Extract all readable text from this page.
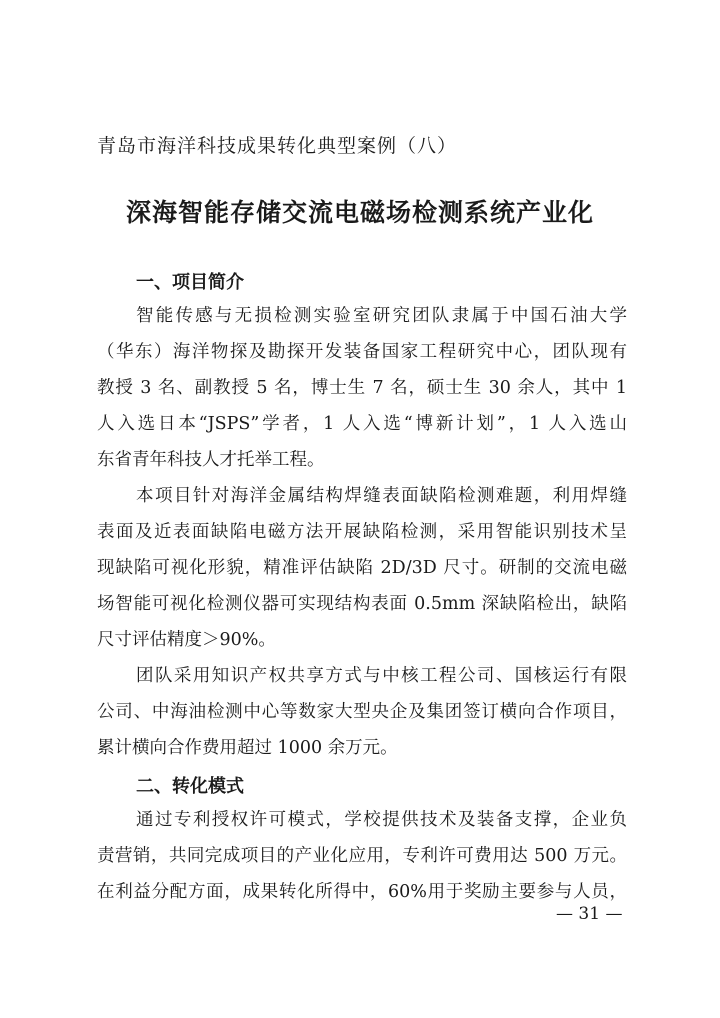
青岛市海洋科技成果转化典型案例（八）
深海智能存储交流电磁场检测系统产业化
一、项目简介
智能传感与无损检测实验室研究团队隶属于中国石油大学
（华东）海洋物探及勘探开发装备国家工程研究中心，团队现有
教授 3 名、副教授 5 名，博士生 7 名，硕士生 30 余人，其中 1
人入选日本“JSPS”学者，1 人入选“博新计划”，1 人入选山
东省青年科技人才托举工程。
本项目针对海洋金属结构焊缝表面缺陷检测难题，利用焊缝
表面及近表面缺陷电磁方法开展缺陷检测，采用智能识别技术呈
现缺陷可视化形貌，精准评估缺陷 2D/3D 尺寸。研制的交流电磁
场智能可视化检测仪器可实现结构表面 0.5mm 深缺陷检出，缺陷
尺寸评估精度＞90%。
团队采用知识产权共享方式与中核工程公司、国核运行有限
公司、中海油检测中心等数家大型央企及集团签订横向合作项目，
累计横向合作费用超过 1000 余万元。
二、转化模式
通过专利授权许可模式，学校提供技术及装备支撑，企业负
责营销，共同完成项目的产业化应用，专利许可费用达 500 万元。
在利益分配方面，成果转化所得中，60%用于奖励主要参与人员，
— 31 —
